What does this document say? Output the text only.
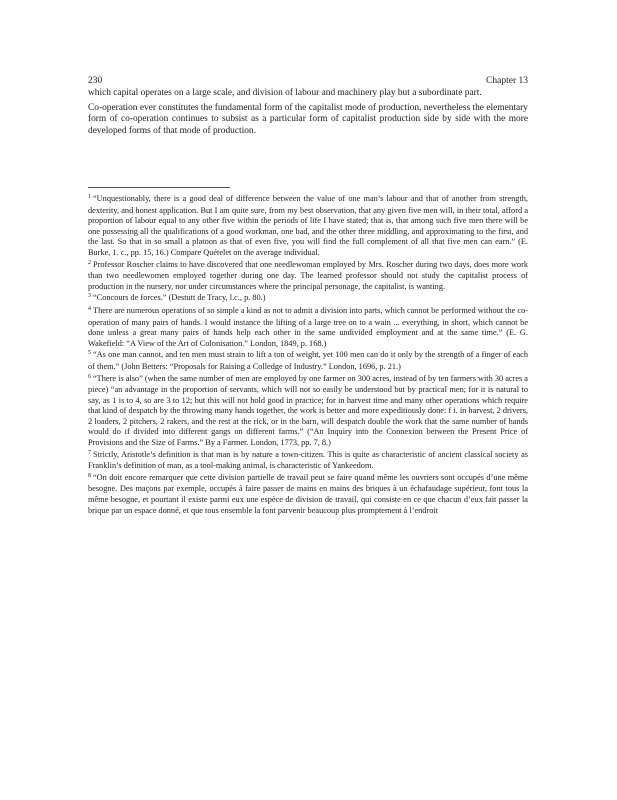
230	Chapter 13

which capital operates on a large scale, and division of labour and machinery play but a subordinate part.

Co-operation ever constitutes the fundamental form of the capitalist mode of production, nevertheless the elementary form of co-operation continues to subsist as a particular form of capitalist production side by side with the more developed forms of that mode of production.

$^1$ “Unquestionably, there is a good deal of difference between the value of one man’s labour and that of another from strength, dexterity, and honest application. But I am quite sure, from my best observation, that any given five men will, in their total, afford a proportion of labour equal to any other five within the periods of life I have stated; that is, that among such five men there will be one possessing all the qualifications of a good workman, one bad, and the other three middling, and approximating to the first, and the last. So that in so small a platoon as that of even five, you will find the full complement of all that five men can earn.” (E. Burke, 1. c., pp. 15, 16.) Compare Quételet on the average individual.

$^2$ Professor Roscher claims to have discovered that one needlewoman employed by Mrs. Roscher during two days, does more work than two needlewomen employed together during one day. The learned professor should not study the capitalist process of production in the nursery, nor under circumstances where the principal personage, the capitalist, is wanting.

$^3$ “Concours de forces.” (Destutt de Tracy, l.c., p. 80.)

$^4$ There are numerous operations of so simple a kind as not to admit a division into parts, which cannot be performed without the co-operation of many pairs of hands. I would instance the lifting of a large tree on to a wain ... everything, in short, which cannot be done unless a great many pairs of hands help each other in the same undivided employment and at the same time.” (E. G. Wakefield: “A View of the Art of Colonisation.” London, 1849, p. 168.)

$^5$ “As one man cannot, and ten men must strain to lift a ton of weight, yet 100 men can do it only by the strength of a finger of each of them.” (John Betters: “Proposals for Raising a Colledge of Industry.” London, 1696, p. 21.)

$^6$ “There is also” (when the same number of men are employed by one farmer on 300 acres, instead of by ten farmers with 30 acres a piece) “an advantage in the proportion of servants, which will not so easily be understood but by practical men; for it is natural to say, as 1 is to 4, so are 3 to 12; but this will not hold good in practice; for in harvest time and many other operations which require that kind of despatch by the throwing many hands together, the work is better and more expeditiously done: f i. in harvest, 2 drivers, 2 loaders, 2 pitchers, 2 rakers, and the rest at the rick, or in the barn, will despatch double the work that the same number of hands would do if divided into different gangs on different farms.” (“An Inquiry into the Connexion between the Present Price of Provisions and the Size of Farms.” By a Farmer. London, 1773, pp. 7, 8.)

$^7$ Strictly, Aristotle’s definition is that man is by nature a town-citizen. This is quite as characteristic of ancient classical society as Franklin’s definition of man, as a tool-making animal, is characteristic of Yankeedom.

$^8$ “On doit encore remarquer que cette division partielle de travail peut se faire quand même les ouvriers sont occupés d’une même besogne. Des maçons par exemple, occupés à faire passer de mains en mains des briques à un échafaudage supérieur, font tous la même besogne, et pourtant il existe parmi eux une espèce de division de travail, qui consiste en ce que chacun d’eux fait passer la brique par un espace donné, et que tous ensemble la font parvenir beaucoup plus promptement à l’endroit
